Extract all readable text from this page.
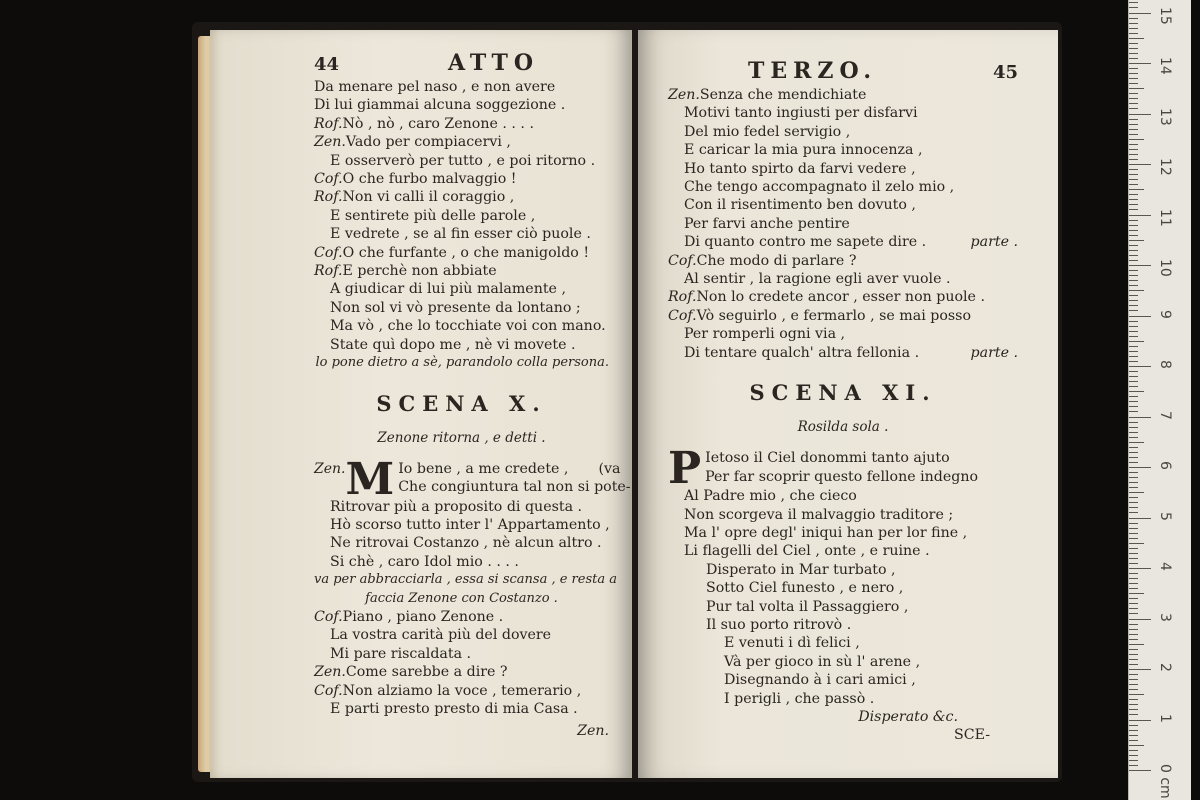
44	ATTO
Da menare pel naso , e non avere
Di lui giammai alcuna soggezione .
Rof.Nò , nò , caro Zenone . . . .
Zen.Vado per compiacervi ,
E osserverò per tutto , e poi ritorno .
Cof.O che furbo malvaggio !
Rof.Non vi calli il coraggio ,
E sentirete più delle parole ,
E vedrete , se al fin esser ciò puole .
Cof.O che furfante , o che manigoldo !
Rof.E perchè non abbiate
A giudicar di lui più malamente ,
Non sol vi vò presente da lontano ;
Ma vò , che lo tocchiate voi con mano.
State quì dopo me , nè vi movete .
lo pone dietro a sè, parandolo colla persona.
SCENA X.
Zenone ritorna , e detti .
Zen. M Io bene , a me credete , (va
Che congiuntura tal non si pote-
Ritrovar più a proposito di questa .
Hò scorso tutto inter l' Appartamento ,
Ne ritrovai Costanzo , nè alcun altro .
Si chè , caro Idol mio . . . .
va per abbracciarla , essa si scansa , e resta a
faccia Zenone con Costanzo .
Cof.Piano , piano Zenone .
La vostra carità più del dovere
Mi pare riscaldata .
Zen.Come sarebbe a dire ?
Cof.Non alziamo la voce , temerario ,
E parti presto presto di mia Casa .
Zen.
TERZO.	45
Zen.Senza che mendichiate
Motivi tanto ingiusti per disfarvi
Del mio fedel servigio ,
E caricar la mia pura innocenza ,
Ho tanto spirto da farvi vedere ,
Che tengo accompagnato il zelo mio ,
Con il risentimento ben dovuto ,
Per farvi anche pentire
Di quanto contro me sapete dire .	parte .
Cof.Che modo di parlare ?
Al sentir , la ragione egli aver vuole .
Rof.Non lo credete ancor , esser non puole .
Cof.Vò seguirlo , e fermarlo , se mai posso
Per romperli ogni via ,
Di tentare qualch' altra fellonia .	parte .
SCENA XI.
Rosilda sola .
P Ietoso il Ciel donommi tanto ajuto
Per far scoprir questo fellone indegno
Al Padre mio , che cieco
Non scorgeva il malvaggio traditore ;
Ma l' opre degl' iniqui han per lor fine ,
Li flagelli del Ciel , onte , e ruine .
Disperato in Mar turbato ,
Sotto Ciel funesto , e nero ,
Pur tal volta il Passaggiero ,
Il suo porto ritrovò .
E venuti i dì felici ,
Và per gioco in sù l' arene ,
Disegnando à i cari amici ,
I perigli , che passò .
Disperato &c.
SCE-
0 cm
1
2
3
4
5
6
7
8
9
10
11
12
13
14
15
